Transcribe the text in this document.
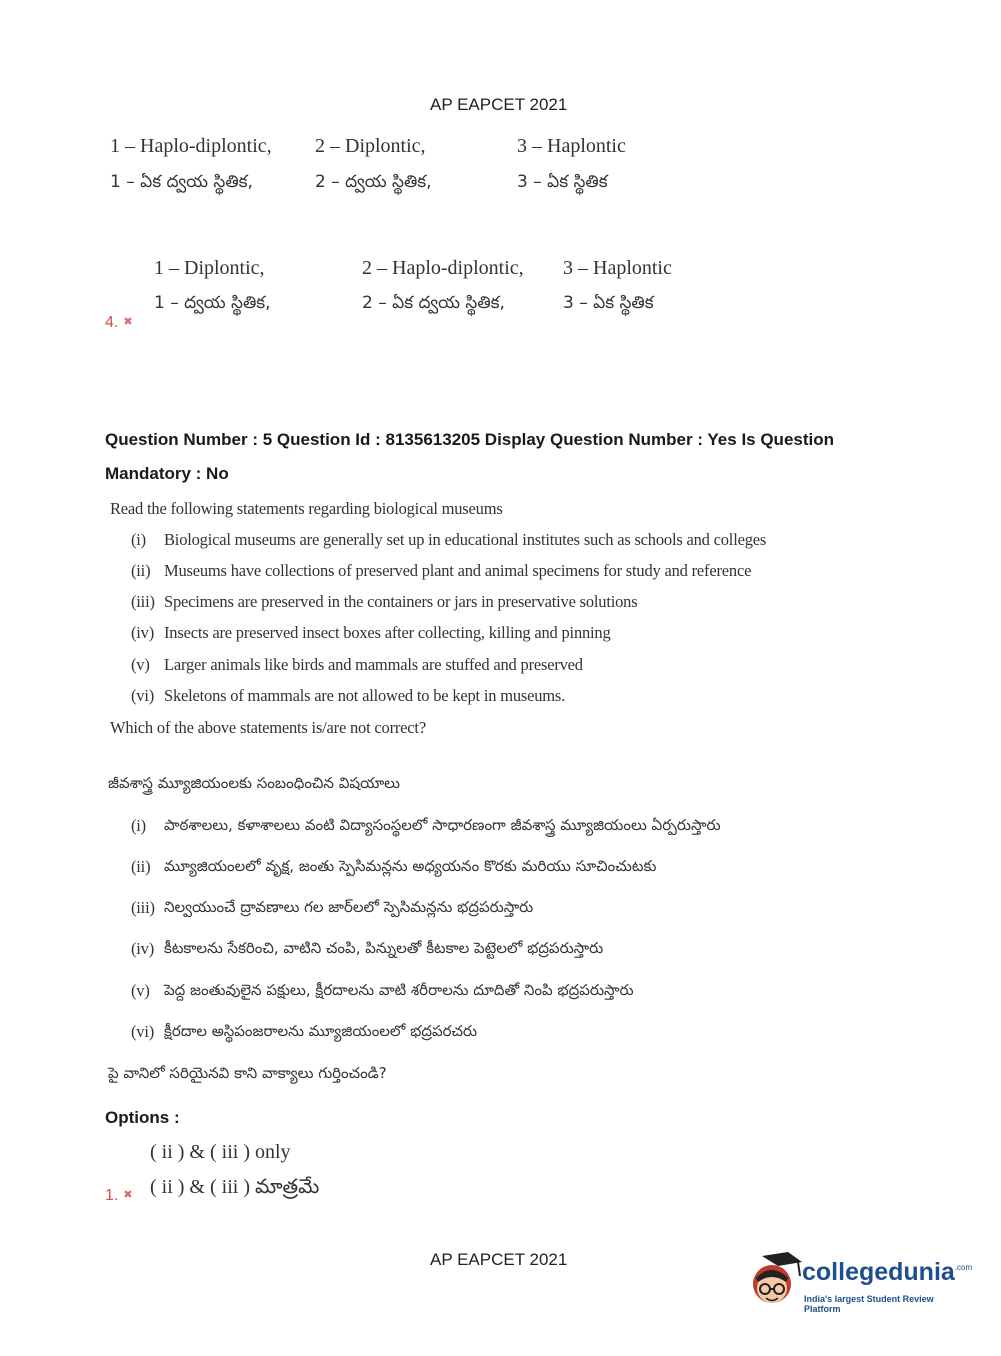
AP EAPCET 2021
1 – Haplo-diplontic, 2 – Diplontic,	3 – Haplontic
1 – ఏక ద్వయ స్థితిక,	2 – ద్వయ స్థితిక,	3 – ఏక స్థితిక
1 – Diplontic,	2 – Haplo-diplontic, 3 – Haplontic
1 – ద్వయ స్థితిక,	2 – ఏక ద్వయ స్థితిక,	3 – ఏక స్థితిక
4. ✖
Question Number : 5 Question Id : 8135613205 Display Question Number : Yes Is Question
Mandatory : No
Read the following statements regarding biological museums
(i) Biological museums are generally set up in educational institutes such as schools and colleges
(ii) Museums have collections of preserved plant and animal specimens for study and reference
(iii) Specimens are preserved in the containers or jars in preservative solutions
(iv) Insects are preserved insect boxes after collecting, killing and pinning
(v) Larger animals like birds and mammals are stuffed and preserved
(vi) Skeletons of mammals are not allowed to be kept in museums.
Which of the above statements is/are not correct?
జీవశాస్త్ర మ్యూజియంలకు సంబంధించిన విషయాలు
(i) పాఠశాలలు, కళాశాలలు వంటి విద్యాసంస్థలలో సాధారణంగా జీవశాస్త్ర మ్యూజియంలు ఏర్పరుస్తారు
(ii) మ్యూజియంలలో వృక్ష, జంతు స్పెసిమన్లను అధ్యయనం కొరకు మరియు సూచించుటకు
(iii) నిల్వయుంచే ద్రావణాలు గల జార్‌లలో స్పెసిమన్లను భద్రపరుస్తారు
(iv) కీటకాలను సేకరించి, వాటిని చంపి, పిన్నులతో కీటకాల పెట్టెలలో భద్రపరుస్తారు
(v) పెద్ద జంతువులైన పక్షులు, క్షీరదాలను వాటి శరీరాలను దూదితో నింపి భద్రపరుస్తారు
(vi) క్షీరదాల అస్థిపంజరాలను మ్యూజియంలలో భద్రపరచరు
పై వానిలో సరియైనవి కాని వాక్యాలు గుర్తించండి?
Options :
( ii ) & ( iii ) only
( ii ) & ( iii ) మాత్రమే
1. ✖
AP EAPCET 2021	collegedunia$^{.com}$
India's largest Student Review Platform
